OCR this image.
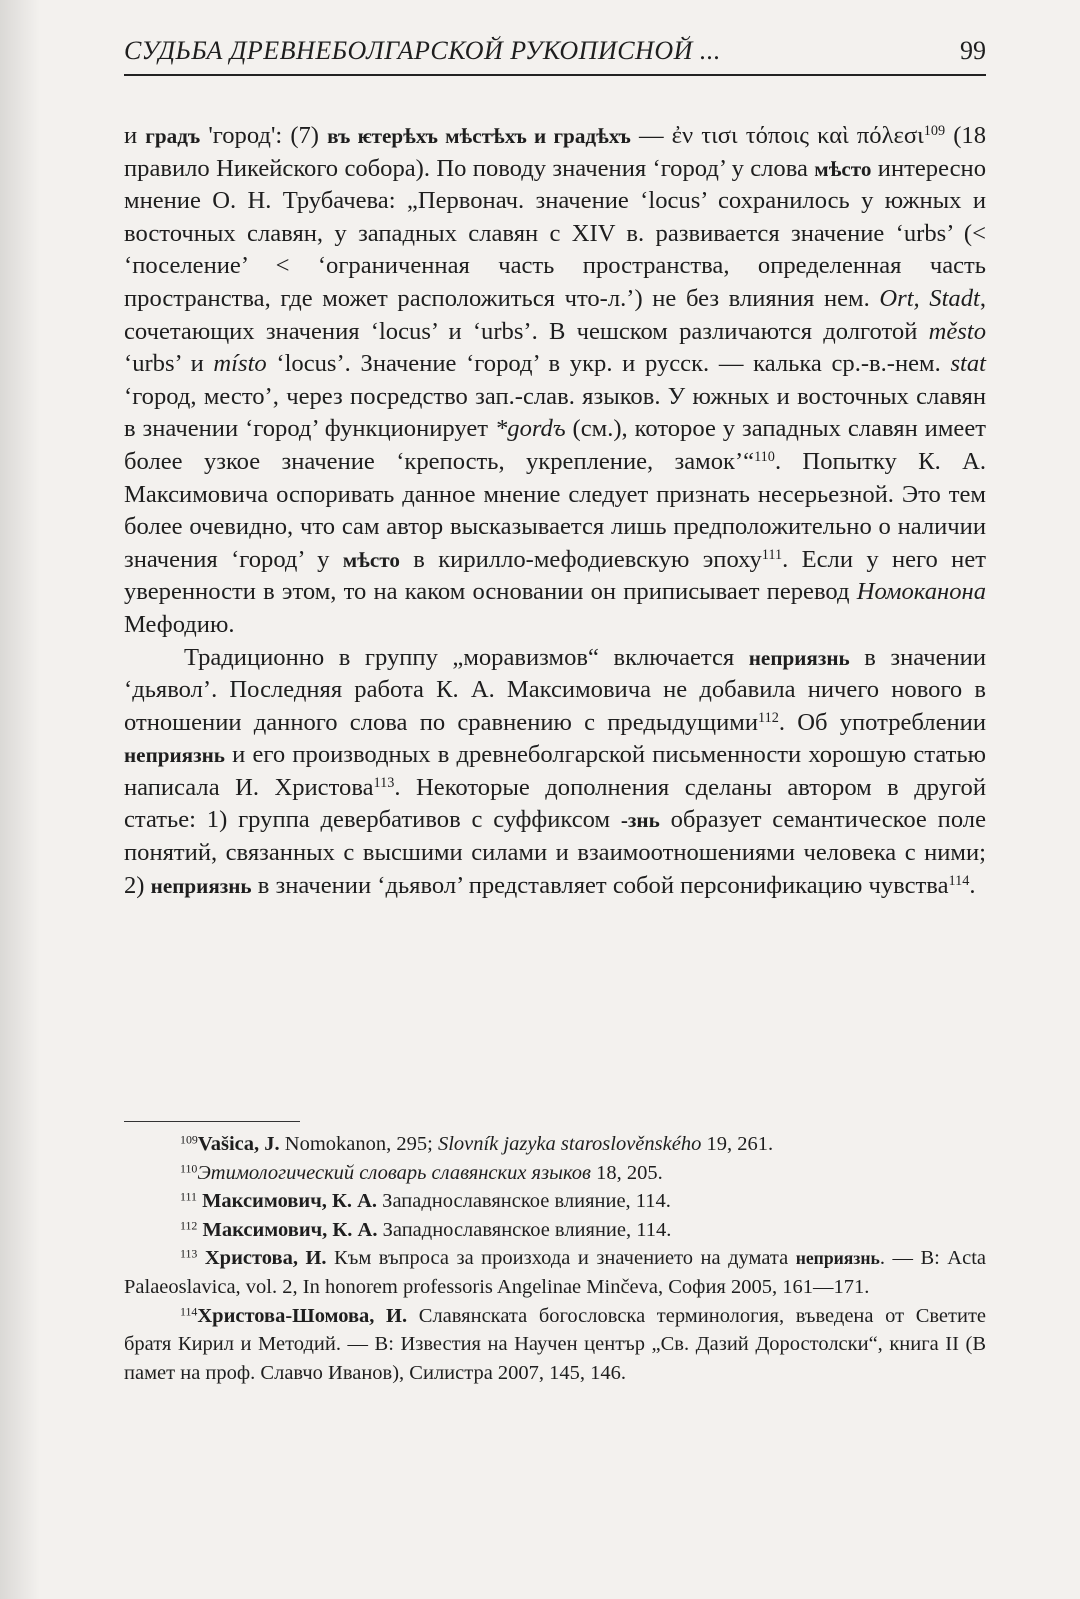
СУДЬБА ДРЕВНЕБОЛГАРСКОЙ РУКОПИСНОЙ ...	99

и градъ 'город': (7) въ ѥтерѣхъ мѣстѣхъ и градѣхъ — ἐν τισι τόποις καὶ πόλεσι$^{109}$ (18 правило Никейского собора). По поводу значения ‘город’ у слова мѣсто интересно мнение О. Н. Трубачева: „Первонач. значение ‘locus’ сохранилось у южных и восточных славян, у западных славян с XIV в. развивается значение ‘urbs’ (< ‘поселение’ < ‘ограниченная часть пространства, определенная часть пространства, где может расположиться что-л.’) не без влияния нем. Ort, Stadt, сочетающих значения ‘locus’ и ‘urbs’. В чешском различаются долготой město ‘urbs’ и místo ‘locus’. Значение ‘город’ в укр. и русск. — калька ср.-в.-нем. stat ‘город, место’, через посредство зап.-слав. языков. У южных и восточных славян в значении ‘город’ функционирует *gordъ (см.), которое у западных славян имеет более узкое значение ‘крепость, укрепление, замок’“$^{110}$. Попытку К. А. Максимовича оспоривать данное мнение следует признать несерьезной. Это тем более очевидно, что сам автор высказывается лишь предположительно о наличии значения ‘город’ у мѣсто в кирилло-мефодиевскую эпоху$^{111}$. Если у него нет уверенности в этом, то на каком основании он приписывает перевод Номоканона Мефодию.

Традиционно в группу „моравизмов“ включается неприязнь в значении ‘дьявол’. Последняя работа К. А. Максимовича не добавила ничего нового в отношении данного слова по сравнению с предыдущими$^{112}$. Об употреблении неприязнь и его производных в древнеболгарской письменности хорошую статью написала И. Христова$^{113}$. Некоторые дополнения сделаны автором в другой статье: 1) группа девербативов с суффиксом -знь образует семантическое поле понятий, связанных с высшими силами и взаимоотношениями человека с ними; 2) неприязнь в значении ‘дьявол’ представляет собой персонификацию чувства$^{114}$.

$^{109}$Vašica, J. Nomokanon, 295; Slovník jazyka staroslověnského 19, 261.

$^{110}$Этимологический словарь славянских языков 18, 205.

$^{111}$ Максимович, К. А. Западнославянское влияние, 114.

$^{112}$ Максимович, К. А. Западнославянское влияние, 114.

$^{113}$ Христова, И. Към въпроса за произхода и значението на думата неприязнь. — В: Acta Palaeoslavica, vol. 2, In honorem professoris Angelinae Minčeva, София 2005, 161—171.

$^{114}$Христова-Шомова, И. Славянската богословска терминология, въведена от Светите братя Кирил и Методий. — В: Известия на Научен център „Св. Дазий Доростолски“, книга II (В памет на проф. Славчо Иванов), Силистра 2007, 145, 146.
